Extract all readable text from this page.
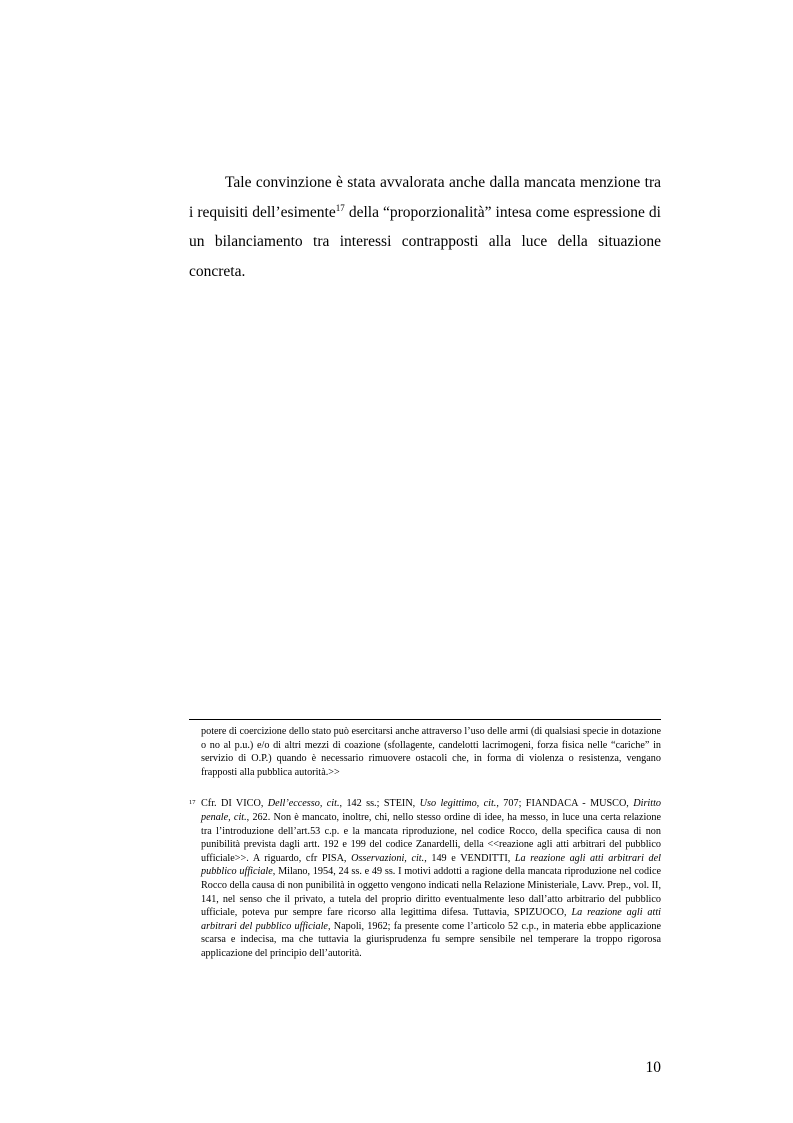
Tale convinzione è stata avvalorata anche dalla mancata menzione tra i requisiti dell’esimente$^{17}$ della “proporzionalità” intesa come espressione di un bilanciamento tra interessi contrapposti alla luce della situazione concreta.

potere di coercizione dello stato può esercitarsi anche attraverso l’uso delle armi (di qualsiasi specie in dotazione o no al p.u.) e/o di altri mezzi di coazione (sfollagente, candelotti lacrimogeni, forza fisica nelle “cariche” in servizio di O.P.) quando è necessario rimuovere ostacoli che, in forma di violenza o resistenza, vengano frapposti alla pubblica autorità.>>

17 Cfr. DI VICO, Dell’eccesso, cit., 142 ss.; STEIN, Uso legittimo, cit., 707; FIANDACA - MUSCO, Diritto penale, cit., 262. Non è mancato, inoltre, chi, nello stesso ordine di idee, ha messo, in luce una certa relazione tra l’introduzione dell’art.53 c.p. e la mancata riproduzione, nel codice Rocco, della specifica causa di non punibilità prevista dagli artt. 192 e 199 del codice Zanardelli, della <<reazione agli atti arbitrari del pubblico ufficiale>>. A riguardo, cfr PISA, Osservazioni, cit., 149 e VENDITTI, La reazione agli atti arbitrari del pubblico ufficiale, Milano, 1954, 24 ss. e 49 ss. I motivi addotti a ragione della mancata riproduzione nel codice Rocco della causa di non punibilità in oggetto vengono indicati nella Relazione Ministeriale, Lavv. Prep., vol. II, 141, nel senso che il privato, a tutela del proprio diritto eventualmente leso dall’atto arbitrario del pubblico ufficiale, poteva pur sempre fare ricorso alla legittima difesa. Tuttavia, SPIZUOCO, La reazione agli atti arbitrari del pubblico ufficiale, Napoli, 1962; fa presente come l’articolo 52 c.p., in materia ebbe applicazione scarsa e indecisa, ma che tuttavia la giurisprudenza fu sempre sensibile nel temperare la troppo rigorosa applicazione del principio dell’autorità.

10
